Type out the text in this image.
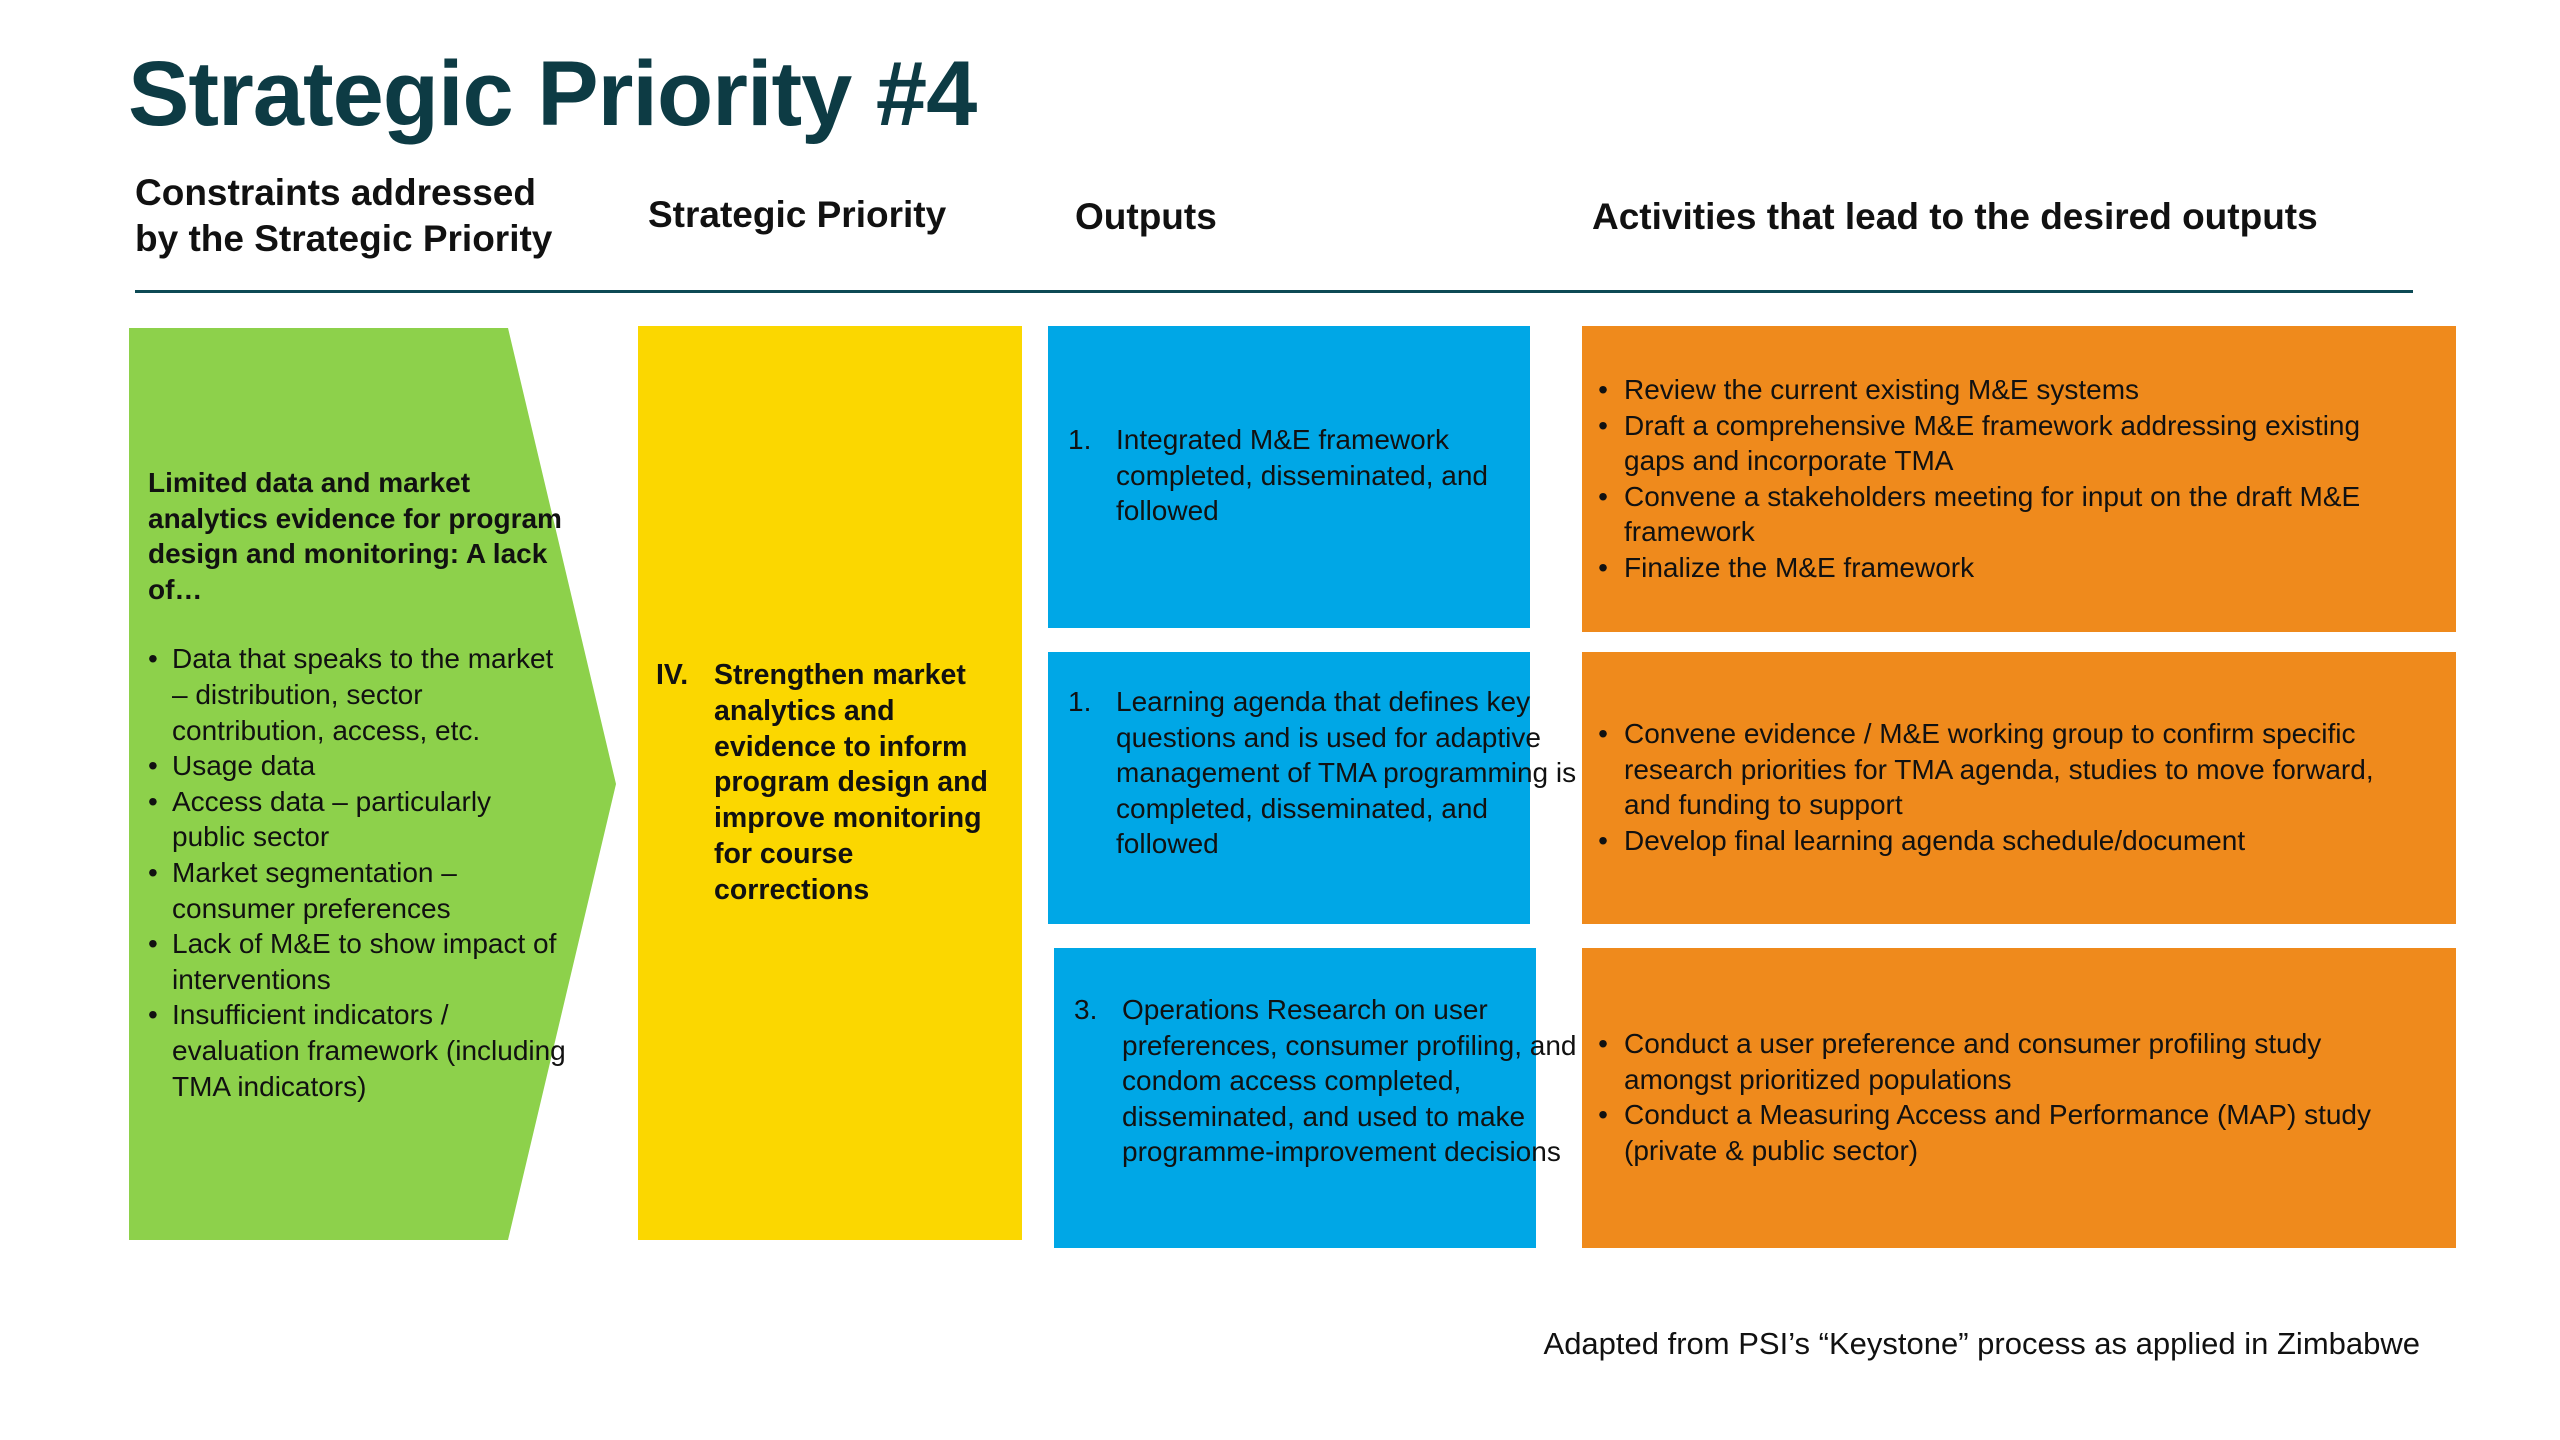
Strategic Priority #4
Constraints addressed
by the Strategic Priority
Strategic Priority	Outputs	Activities that lead to the desired outputs

Limited data and market analytics evidence for program design and monitoring: A lack of…

• Data that speaks to the market – distribution, sector contribution, access, etc.
• Usage data
• Access data – particularly public sector
• Market segmentation – consumer preferences
• Lack of M&E to show impact of interventions
• Insufficient indicators / evaluation framework (including TMA indicators)
IV. Strengthen market analytics and evidence to inform program design and improve monitoring for course corrections
1. Integrated M&E framework completed, disseminated, and followed
1. Learning agenda that defines key questions and is used for adaptive management of TMA programming is completed, disseminated, and followed
3. Operations Research on user preferences, consumer profiling, and condom access completed, disseminated, and used to make programme-improvement decisions
• Review the current existing M&E systems
• Draft a comprehensive M&E framework addressing existing gaps and incorporate TMA
• Convene a stakeholders meeting for input on the draft M&E framework
• Finalize the M&E framework
• Convene evidence / M&E working group to confirm specific research priorities for TMA agenda, studies to move forward, and funding to support
• Develop final learning agenda schedule/document
• Conduct a user preference and consumer profiling study amongst prioritized populations
• Conduct a Measuring Access and Performance (MAP) study (private & public sector)
Adapted from PSI’s “Keystone” process as applied in Zimbabwe
